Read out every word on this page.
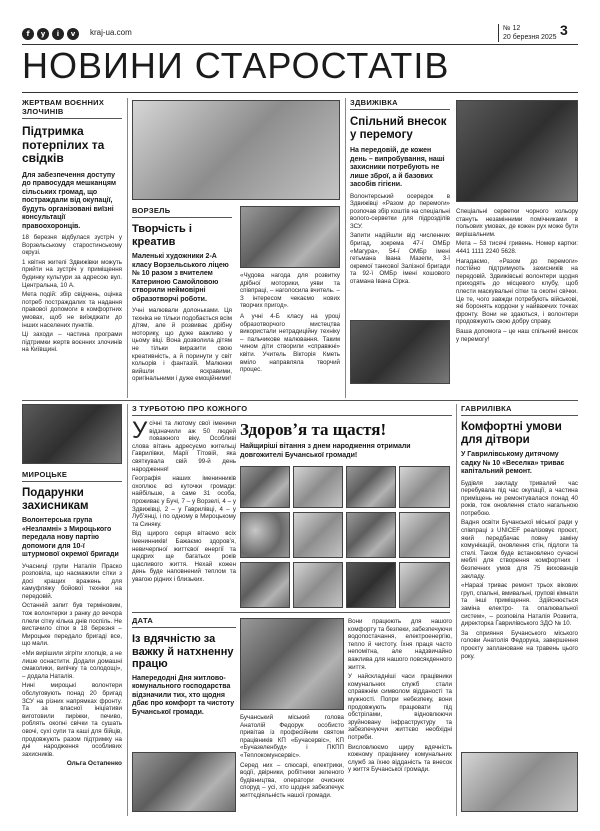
f	y	i	v	kraj-ua.com	№ 12
20 березня 2025 3
НОВИНИ СТАРОСТАТІВ
ЖЕРТВАМ ВОЄННИХ ЗЛОЧИНІВ
Підтримка потерпілих та свідків
Для забезпечення доступу до правосуддя мешканцям сільських громад, що постраждали від окупації, будуть організовані виїзні консультації правоохоронців.
18 березня відбулася зустріч у Ворзельському старостинському окрузі.
1 квітня жителі Здвижівки можуть прийти на зустріч у приміщення будинку культури за адресою вул. Центральна, 10 А.
Мета подій: збір свідчень, оцінка потреб постраждалих та надання правової допомоги в комфортних умовах, щоб не виїжджати до інших населених пунктів.
Ці заходи – частина програми підтримки жертв воєнних злочинів на Київщині.
ВОРЗЕЛЬ
Творчість і креатив
Маленькі художники 2-А класу Ворзельського ліцею № 10 разом з вчителем Катериною Самойловою створили неймовірні образотворчі роботи.
Учні малювали долоньками. Ця техніка не тільки подобається всім дітям, але й розвиває дрібну моторику, що дуже важливо у цьому віці. Вона дозволила дітям не тільки виразити свою креативність, а й поринути у світ кольорів і фантазій. Малюнки вийшли яскравими, оригінальними і дуже емоційними!
«Чудова нагода для розвитку дрібної моторики, уяви та співпраці, – наголосила вчитель. – З інтересом чекаємо нових творчих пригод».
А учні 4-Б класу на уроці образотворчого мистецтва використали нетрадиційну техніку – пальчикове малювання. Таким чином діти створили «справжні» квіти. Учитель Вікторія Кметь вміло направляла творчий процес.
ЗДВИЖІВКА
Спільний внесок у перемогу
На передовій, де кожен день – випробування, наші захисники потребують не лише зброї, а й базових засобів гігієни.
Волонтерський осередок в Здвижівці «Разом до перемоги» розпочав збір коштів на спеціальні волого-серветки для підрозділів ЗСУ.
Запити надійшли від численних бригад, зокрема 47-ї ОМБр «Магура», 54-ї ОМБр імені гетьмана Івана Мазепи, 3-ї окремої танкової Залізної бригади та 92-ї ОМБр імені кошового отамана Івана Сірка.
Спеціальні серветки чорного кольору стануть незамінними помічниками в польових умовах, де кожен рух може бути вирішальним.
Мета – 53 тисячі гривень. Номер картки: 4441 1111 2240 5628.
Нагадаємо, «Разом до перемоги» постійно підтримують захисників на передовій. Здвижівські волонтери щодня приходять до місцевого клубу, щоб плести маскувальні сітки та окопні свічки. Це те, чого завжди потребують військові, які боронять кордони у найважчих точках фронту. Вони не здаються, і волонтери продовжують свою добру справу.
Ваша допомога – це наш спільний внесок у перемогу!
МИРОЦЬКЕ
Подарунки захисникам
Волонтерська група «Незламні» з Мироцького передала нову партію допомоги для 10-ї штурмової окремої бригади
Учасниці групи Наталія Праско розповіла, що насмажили сітки з досі кращих вражень для камуфляжу бойової техніки на передовій.
Останній запит був терміновим, тож волонтерки з ранку до вечора плели сітку кілька днів поспіль. Не вистачило сітки в 18 березня – Мироцьке передало бригаді все, що мали.
«Ми вирішили зігріти хлопців, а не лише оснастити. Додали домашні смаколики, випічку та солодощі», – додала Наталія.
Нині мироцькі волонтери обслуговують понад 20 бригад ЗСУ на різних напрямках фронту. Та за власної ініціативи виготовили пиріжки, печиво, роблять окопні свічки та сушать овочі, сухі супи та каші для бійців, продовжують разом підтримку на дні народження особливих захисників.
Ольга Остапенко
З ТУРБОТОЮ ПРО КОЖНОГО
Усічні та лютому свої іменини відзначили аж 50 людей поважного віку. Особливі слова вітань адресуємо жительці Гаврилівки, Марії Тітовій, яка святкувала свій 99-й день народження!
Географія наших іменинників охоплює всі куточки громади: найбільше, а саме 31 особа, проживає у Бучі, 7 – у Ворзелі, 4 – у Здвижівці, 2 – у Гаврилівці, 4 – у Лубʼянці, і по одному в Мироцькому та Синяку.
Від щирого серця вітаємо всіх іменинників! Бажаємо здоровʼя, невичерпної життєвої енергії та щедрих ще багатьох років щасливого життя. Нехай кожен день буде наповнений теплом та увагою рідних і близьких.
Здоровʼя та щастя!
Найщиріші вітання з днем народження отримали довгожителі Бучанської громади!
ДАТА
Із вдячністю за важку й натхненну працю
Напередодні Дня житлово-комунального господарства відзначили тих, хто щодня дбає про комфорт та чистоту Бучанської громади.
Бучанський міський голова Анатолій Федорук особисто привітав із професійним святом працівників КП «Бучасервіс», КП «Бучазеленбуд» і ПКПП «Теплокомунсервіс».
Серед них – слюсарі, електрики, водії, двірники, робітники зеленого будівництва, оператори очисних споруд – усі, хто щодня забезпечує життєдіяльність нашої громади.
Вони працюють для нашого комфорту та безпеки, забезпечуючи водопостачання, електроенергію, тепло й чистоту. Їхня праця часто непомітна, але надзвичайно важлива для нашого повсякденного життя.
У найскладніші часи працівники комунальних служб стали справжнім символом відданості та мужності. Попри небезпеку, вони продовжують працювати під обстрілами, відновлюючи зруйновану інфраструктуру та забезпечуючи життєво необхідні потреби.
Висловлюємо щиру вдячність кожному працівнику комунальних служб за їхню відданість та внесок у життя Бучанської громади.
ГАВРИЛІВКА
Комфортні умови для дітвори
У Гаврилівському дитячому садку № 10 «Веселка» триває капітальний ремонт.
Будівля закладу тривалий час перебувала під час окупації, а частина приміщень не ремонтувалася понад 40 років, тож оновлення стало нагальною потребою.
Вадня освіти Бучанської міської ради у співпраці з UNICEF реалізовує проєкт, який передбачає повну заміну комунікацій, оновлення стін, підлоги та стелі. Також буде встановлено сучасні меблі для створення комфортних і безпечних умов для 75 вихованців закладу.
«Наразі триває ремонт трьох вікових груп, спальні, вмивальні, групові кімнати та інші приміщення. Здійснюється заміна електро- та опалювальної систем», – розповіла Наталія Розвита, директорка Гаврилівського ЗДО № 10.
За сприяння Бучанського міського голови Анатолія Федорука, завершення проєкту заплановане на травень цього року.
